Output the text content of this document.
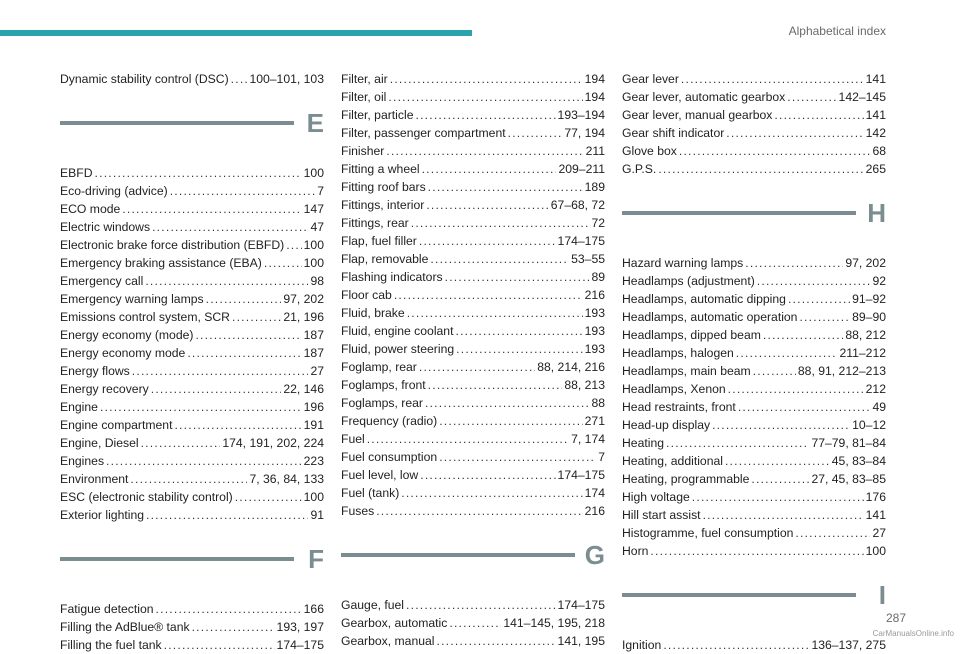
Alphabetical index
Dynamic stability control (DSC) ..... 100–101, 103
E
EBFD .....	100
Eco-driving (advice) .....	7
ECO mode .....	147
Electric windows .....	47
Electronic brake force distribution (EBFD) ..... 100
Emergency braking assistance (EBA) .....	100
Emergency call .....	98
Emergency warning lamps .....	97, 202
Emissions control system, SCR .....	21, 196
Energy economy (mode) .....	187
Energy economy mode .....	187
Energy flows .....	27
Energy recovery .....	22, 146
Engine .....	196
Engine compartment .....	191
Engine, Diesel .....	174, 191, 202, 224
Engines .....	223
Environment .....	7, 36, 84, 133
ESC (electronic stability control) .....	100
Exterior lighting .....	91
F
Fatigue detection .....	166
Filling the AdBlue® tank .....	193, 197
Filling the fuel tank .....	174–175
Filter, air .....	194
Filter, oil .....	194
Filter, particle .....	193–194
Filter, passenger compartment .....	77, 194
Finisher .....	211
Fitting a wheel .....	209–211
Fitting roof bars .....	189
Fittings, interior .....	67–68, 72
Fittings, rear .....	72
Flap, fuel filler .....	174–175
Flap, removable .....	53–55
Flashing indicators .....	89
Floor cab .....	216
Fluid, brake .....	193
Fluid, engine coolant .....	193
Fluid, power steering .....	193
Foglamp, rear .....	88, 214, 216
Foglamps, front .....	88, 213
Foglamps, rear .....	88
Frequency (radio) .....	271
Fuel .....	7, 174
Fuel consumption .....	7
Fuel level, low .....	174–175
Fuel (tank) .....	174
Fuses .....	216
G
Gauge, fuel .....	174–175
Gearbox, automatic .....	141–145, 195, 218
Gearbox, manual .....	141, 195
Gear lever .....	141
Gear lever, automatic gearbox .....	142–145
Gear lever, manual gearbox .....	141
Gear shift indicator .....	142
Glove box .....	68
G.P.S. .....	265
H
Hazard warning lamps .....	97, 202
Headlamps (adjustment) .....	92
Headlamps, automatic dipping .....	91–92
Headlamps, automatic operation .....	89–90
Headlamps, dipped beam .....	88, 212
Headlamps, halogen .....	211–212
Headlamps, main beam .....	88, 91, 212–213
Headlamps, Xenon .....	212
Head restraints, front .....	49
Head-up display .....	10–12
Heating .....	77–79, 81–84
Heating, additional .....	45, 83–84
Heating, programmable .....	27, 45, 83–85
High voltage .....	176
Hill start assist .....	141
Histogramme, fuel consumption .....	27
Horn .....	100
I
Ignition .....	136–137, 275
287
CarManualsOnline.info
